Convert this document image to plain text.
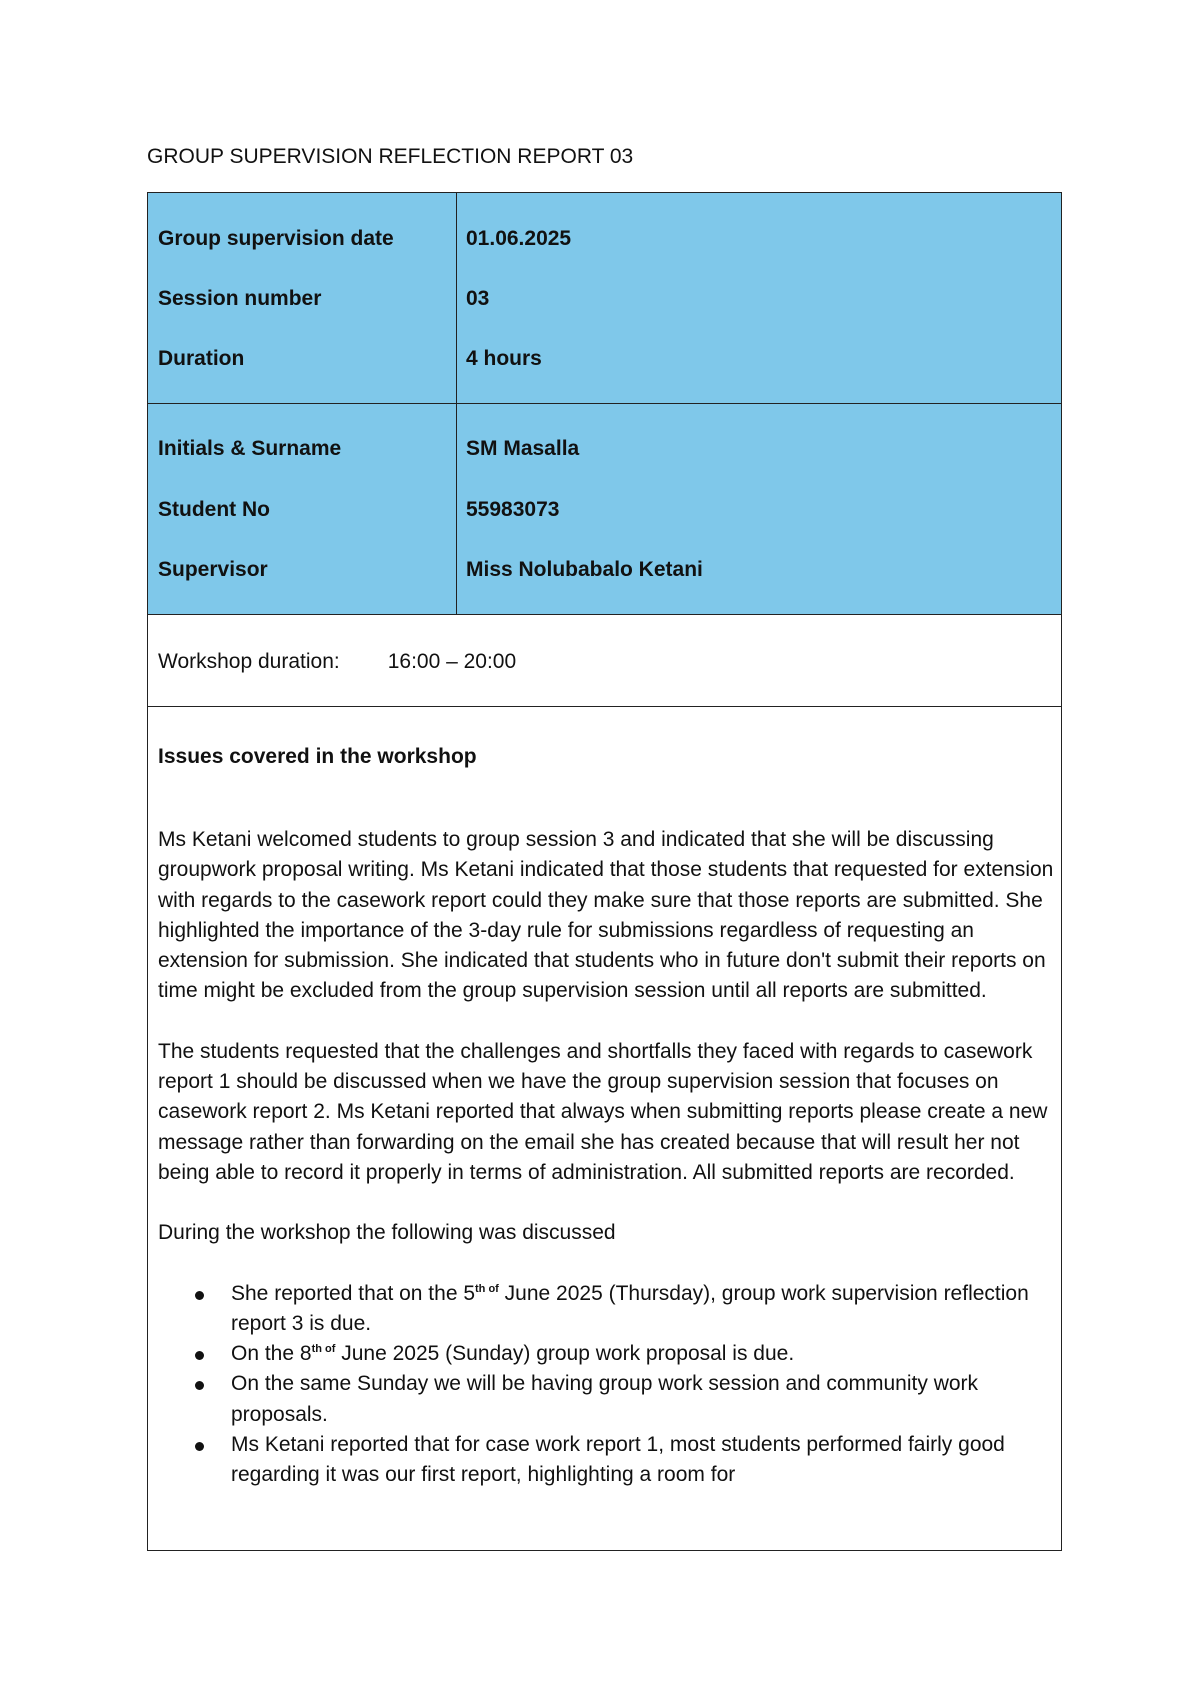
GROUP SUPERVISION REFLECTION REPORT 03
Group supervision date	01.06.2025
Session number	03
Duration	4 hours
Initials & Surname	SM Masalla
Student No	55983073
Supervisor	Miss Nolubabalo Ketani
Workshop duration: 16:00 – 20:00
Issues covered in the workshop

Ms Ketani welcomed students to group session 3 and indicated that she will be discussing groupwork proposal writing. Ms Ketani indicated that those students that requested for extension with regards to the casework report could they make sure that those reports are submitted. She highlighted the importance of the 3-day rule for submissions regardless of requesting an extension for submission. She indicated that students who in future don't submit their reports on time might be excluded from the group supervision session until all reports are submitted.

The students requested that the challenges and shortfalls they faced with regards to casework report 1 should be discussed when we have the group supervision session that focuses on casework report 2. Ms Ketani reported that always when submitting reports please create a new message rather than forwarding on the email she has created because that will result her not being able to record it properly in terms of administration. All submitted reports are recorded.

During the workshop the following was discussed

She reported that on the $5^{th of}$ June 2025 (Thursday), group work supervision reflection report 3 is due.
On the $8^{th of}$ June 2025 (Sunday) group work proposal is due.
On the same Sunday we will be having group work session and community work proposals.
Ms Ketani reported that for case work report 1, most students performed fairly good regarding it was our first report, highlighting a room for
